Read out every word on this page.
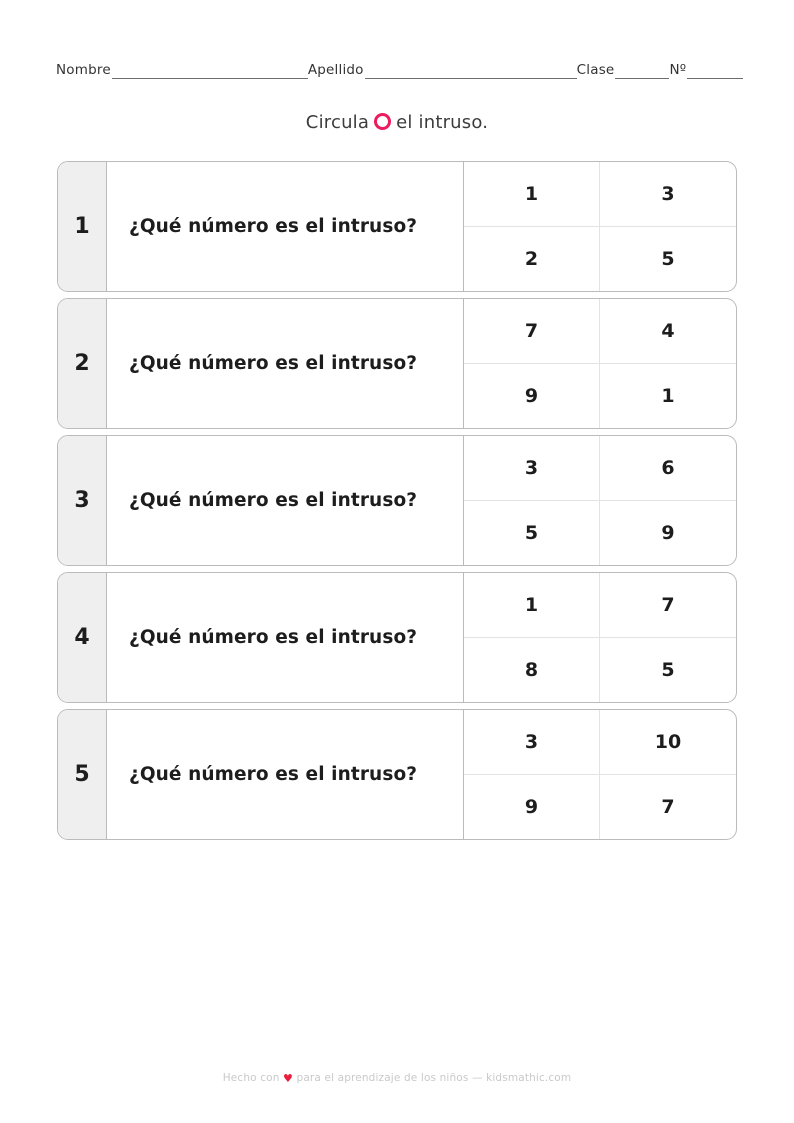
Nombre	Apellido	Clase	Nº
Circula el intruso.
1	¿Qué número es el intruso?
1	3
2	5
2	¿Qué número es el intruso?
7	4
9	1
3	¿Qué número es el intruso?
3	6
5	9
4	¿Qué número es el intruso?
1	7
8	5
5	¿Qué número es el intruso?
3	10
9	7
Hecho con ♥ para el aprendizaje de los niños — kidsmathic.com
